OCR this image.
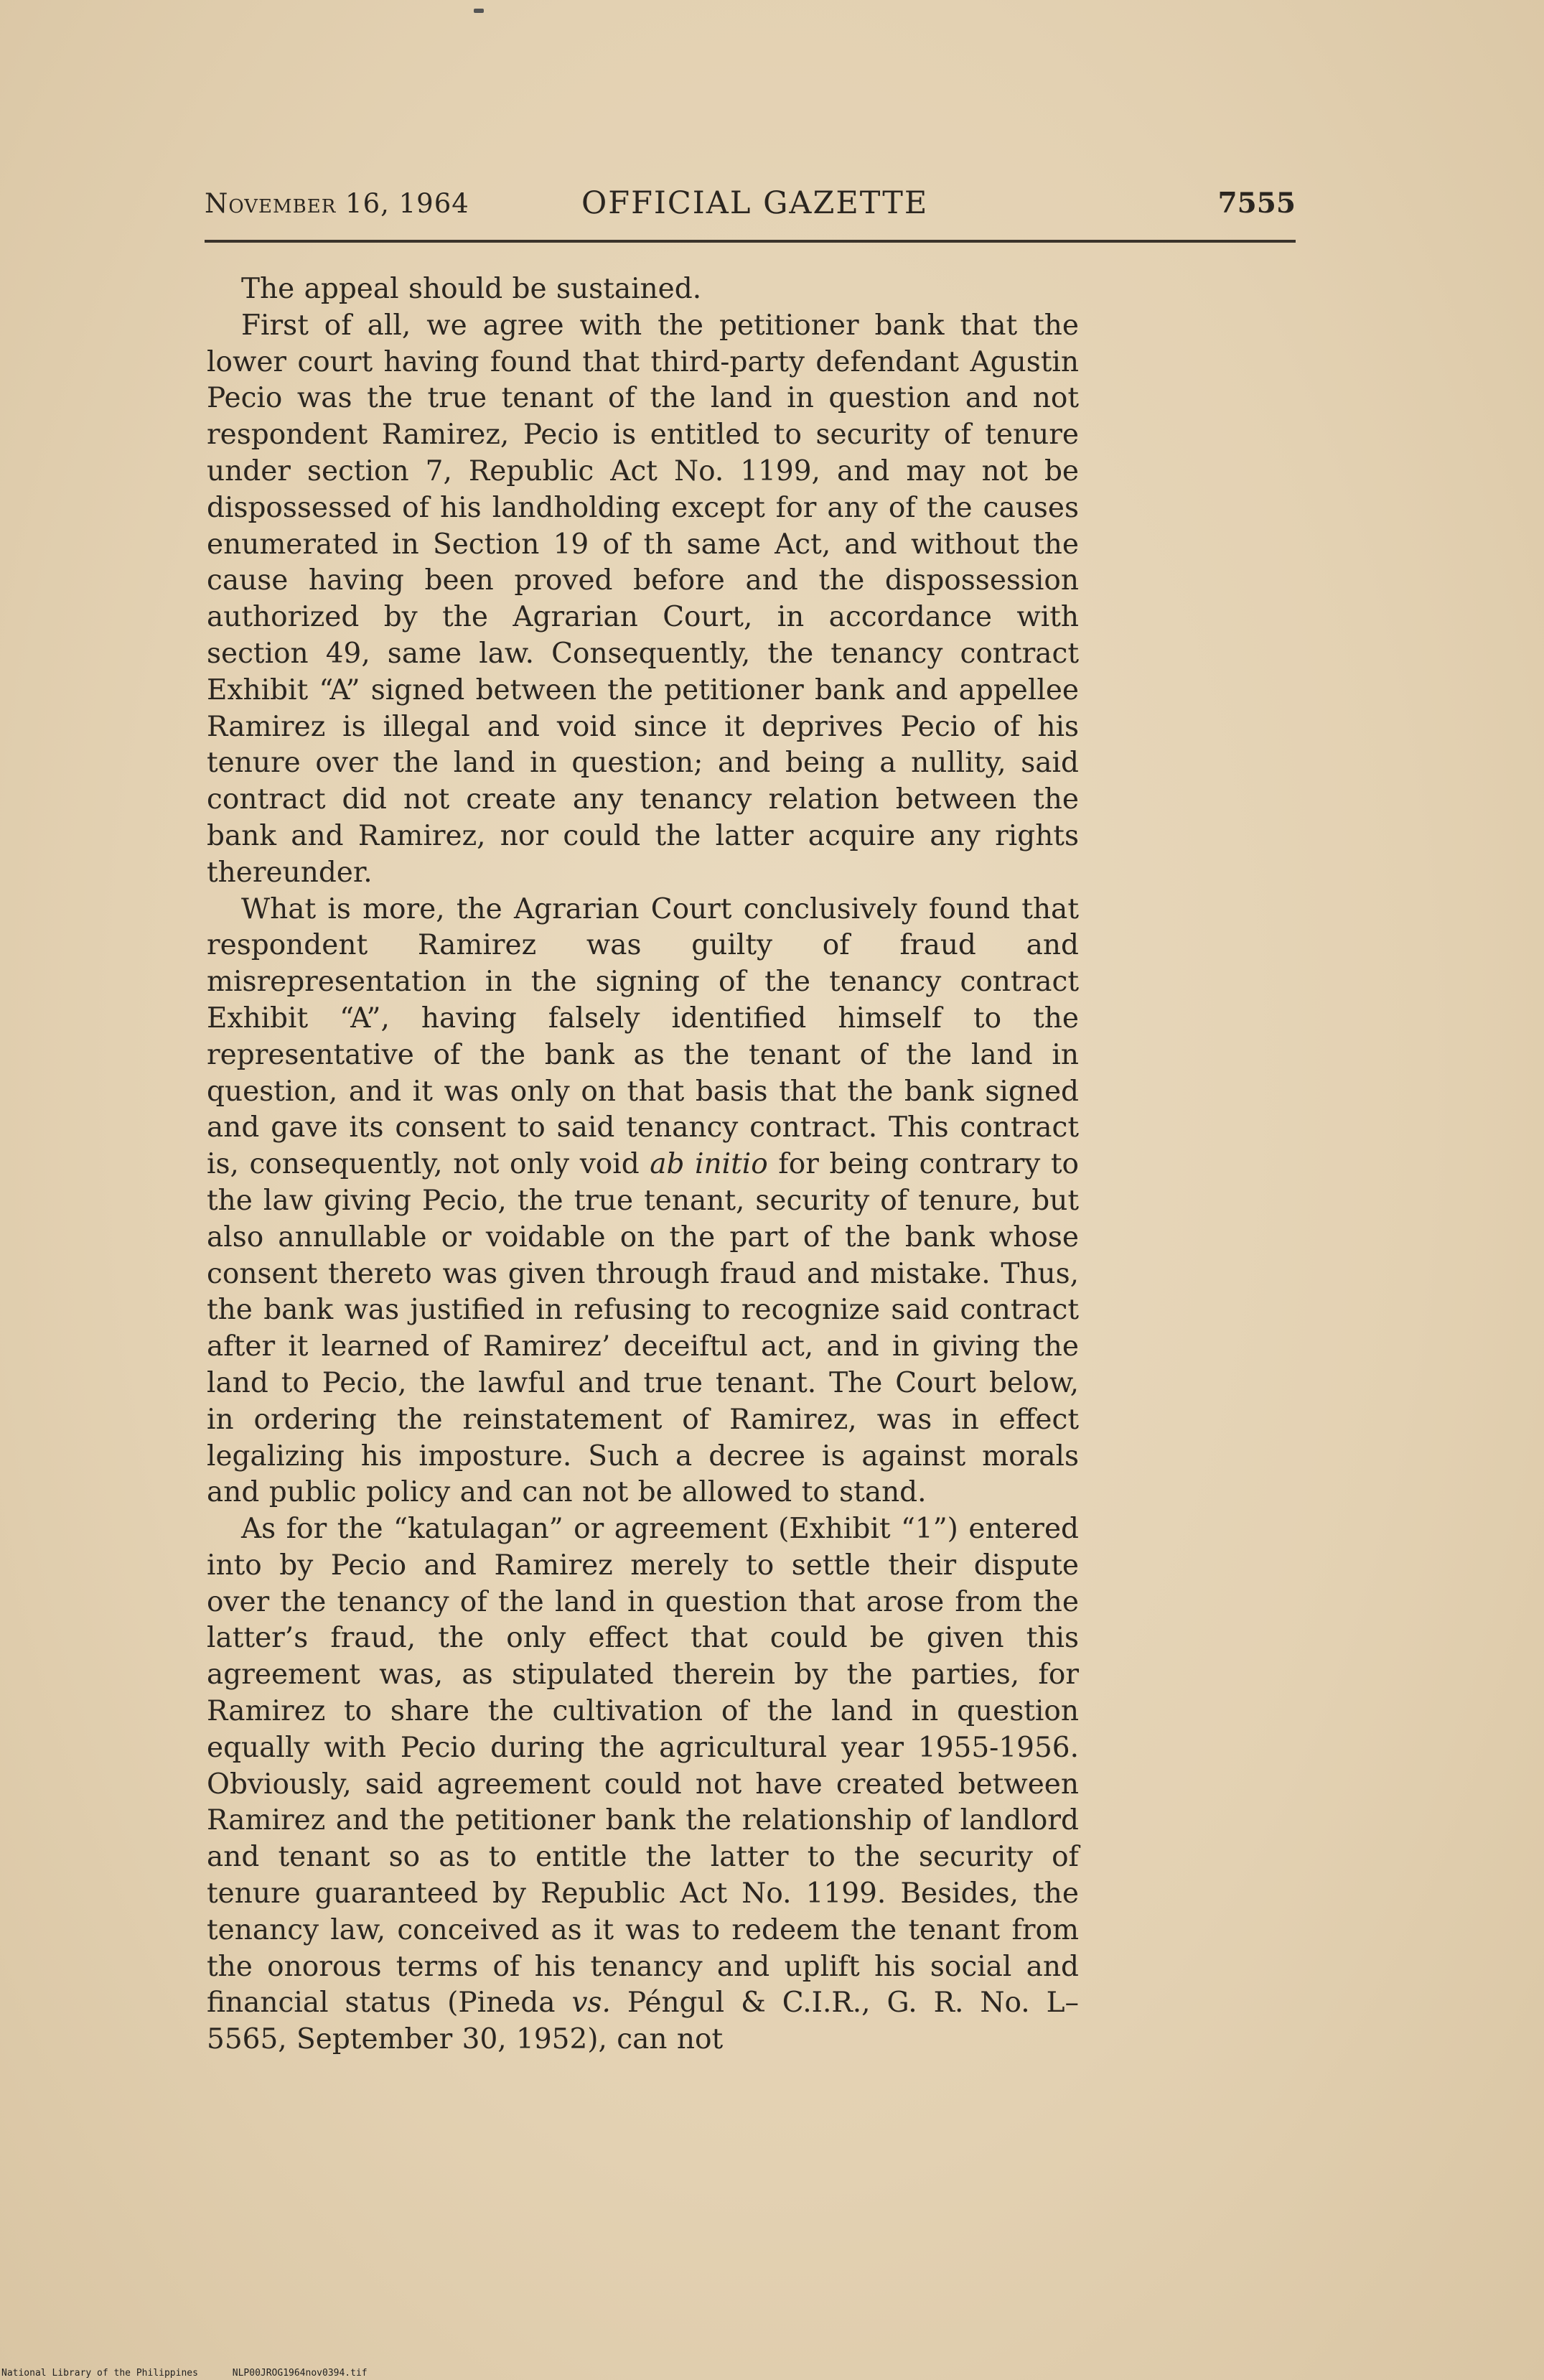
November 16, 1964	OFFICIAL GAZETTE	7555

The appeal should be sustained.

First of all, we agree with the petitioner bank that the lower court having found that third-party defendant Agustin Pecio was the true tenant of the land in question and not respondent Ramirez, Pecio is entitled to security of tenure under section 7, Republic Act No. 1199, and may not be dispossessed of his landholding except for any of the causes enumerated in Section 19 of th same Act, and without the cause having been proved before and the dispossession authorized by the Agrarian Court, in accordance with section 49, same law. Consequently, the tenancy contract Exhibit “A” signed between the petitioner bank and appellee Ramirez is illegal and void since it deprives Pecio of his tenure over the land in question; and being a nullity, said contract did not create any tenancy relation between the bank and Ramirez, nor could the latter acquire any rights thereunder.

What is more, the Agrarian Court conclusively found that respondent Ramirez was guilty of fraud and misrepresentation in the signing of the tenancy contract Exhibit “A”, having falsely identified himself to the representative of the bank as the tenant of the land in question, and it was only on that basis that the bank signed and gave its consent to said tenancy contract. This contract is, consequently, not only void ab initio for being contrary to the law giving Pecio, the true tenant, security of tenure, but also annullable or voidable on the part of the bank whose consent thereto was given through fraud and mistake. Thus, the bank was justified in refusing to recognize said contract after it learned of Ramirez’ deceiftul act, and in giving the land to Pecio, the lawful and true tenant. The Court below, in ordering the reinstatement of Ramirez, was in effect legalizing his imposture. Such a decree is against morals and public policy and can not be allowed to stand.

As for the “katulagan” or agreement (Exhibit “1”) entered into by Pecio and Ramirez merely to settle their dispute over the tenancy of the land in question that arose from the latter’s fraud, the only effect that could be given this agreement was, as stipulated therein by the parties, for Ramirez to share the cultivation of the land in question equally with Pecio during the agricultural year 1955-1956. Obviously, said agreement could not have created between Ramirez and the petitioner bank the relationship of landlord and tenant so as to entitle the latter to the security of tenure guaranteed by Republic Act No. 1199. Besides, the tenancy law, conceived as it was to redeem the tenant from the onorous terms of his tenancy and uplift his social and financial status (Pineda vs. Péngul & C.I.R., G. R. No. L–5565, September 30, 1952), can not

National Library of the Philippines	NLP00JROG1964nov0394.tif
